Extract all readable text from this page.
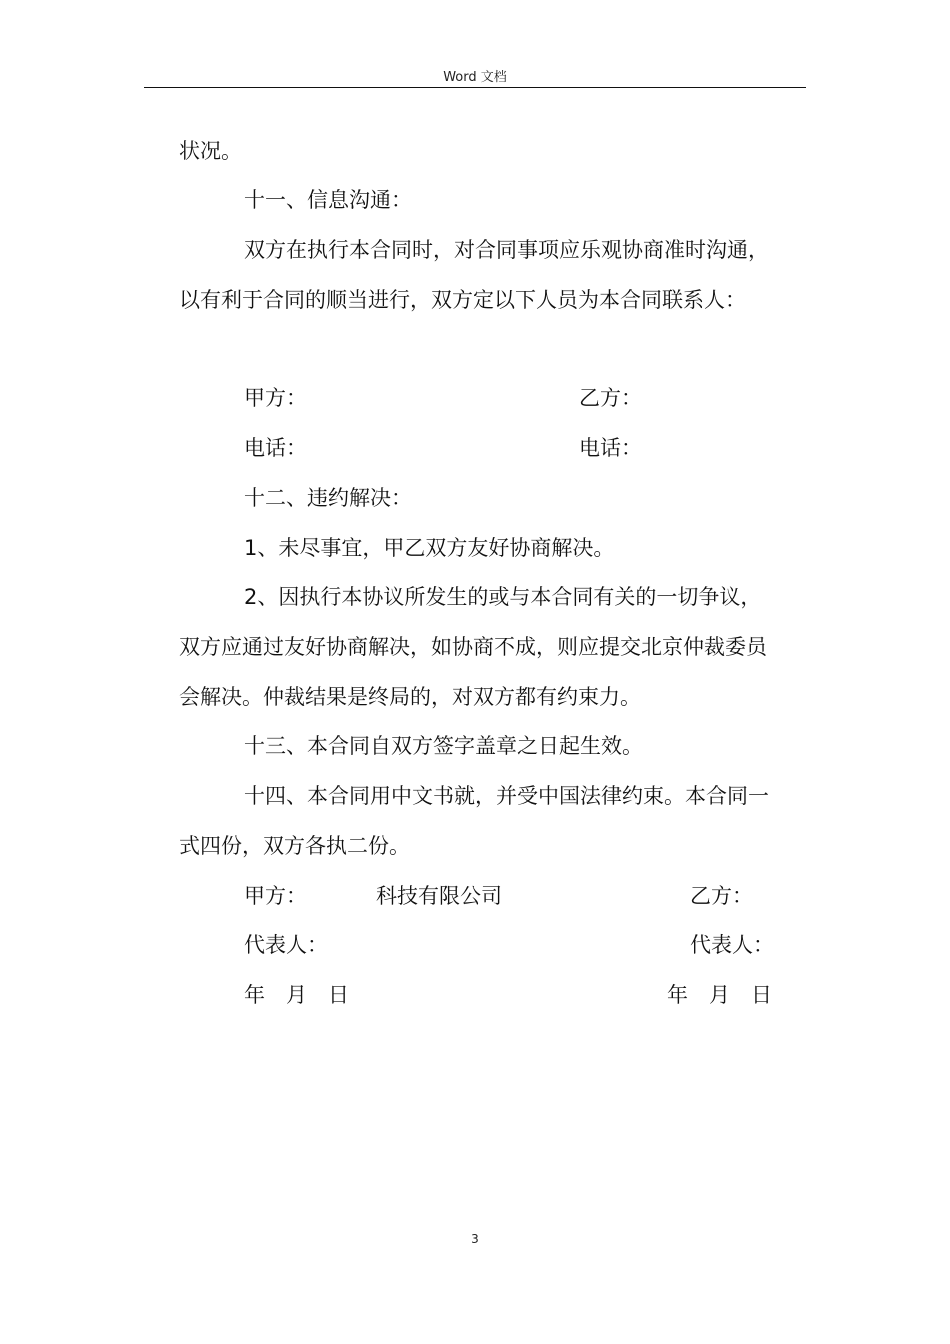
Word 文档
状况。
十一、信息沟通：
双方在执行本合同时，对合同事项应乐观协商准时沟通，
以有利于合同的顺当进行，双方定以下人员为本合同联系人：
甲方：	乙方：
电话：	电话：
十二、违约解决：
1、未尽事宜，甲乙双方友好协商解决。
2、因执行本协议所发生的或与本合同有关的一切争议，
双方应通过友好协商解决，如协商不成，则应提交北京仲裁委员
会解决。仲裁结果是终局的，对双方都有约束力。
十三、本合同自双方签字盖章之日起生效。
十四、本合同用中文书就，并受中国法律约束。本合同一
式四份，双方各执二份。
甲方：	科技有限公司	乙方：
代表人：	代表人：
年　月　日	年　月　日
3
